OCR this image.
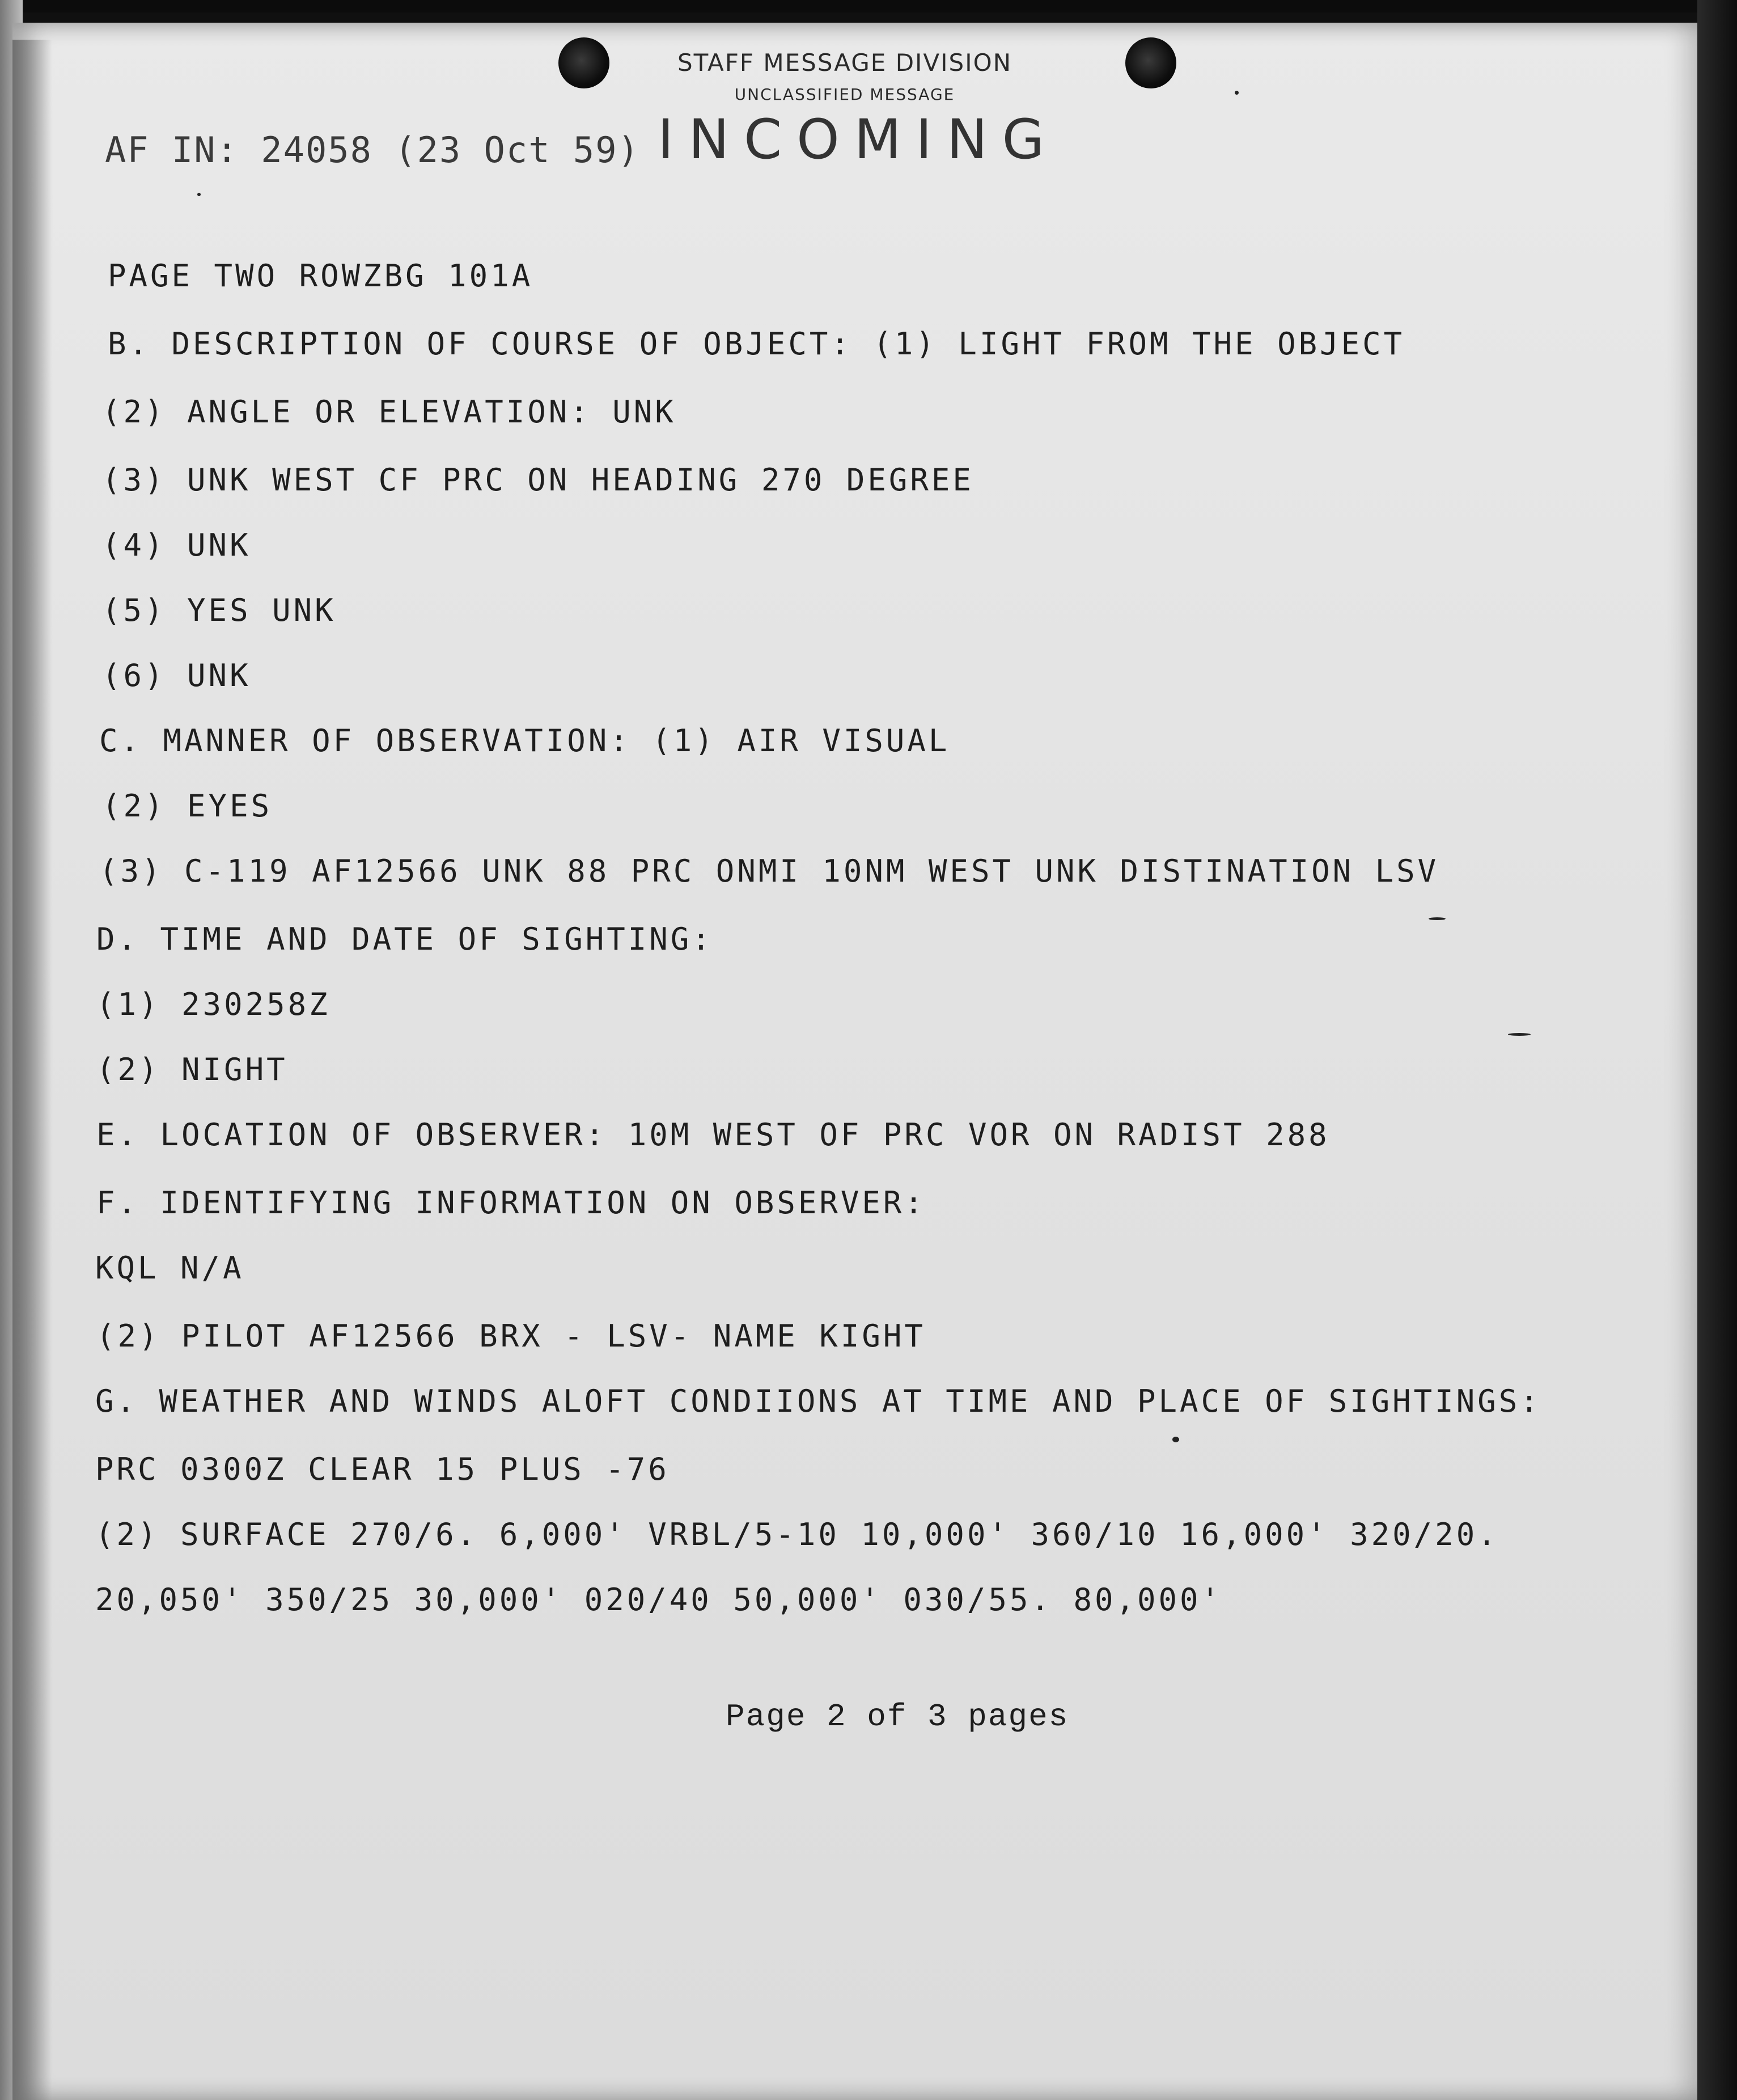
STAFF MESSAGE DIVISION
UNCLASSIFIED MESSAGE
INCOMING
AF IN: 24058 (23 Oct 59)
PAGE TWO ROWZBG 101A
B. DESCRIPTION OF COURSE OF OBJECT: (1) LIGHT FROM THE OBJECT
(2) ANGLE OR ELEVATION: UNK
(3) UNK WEST CF PRC ON HEADING 270 DEGREE
(4) UNK
(5) YES UNK
(6) UNK
C. MANNER OF OBSERVATION: (1) AIR VISUAL
(2) EYES
(3) C-119 AF12566 UNK 88 PRC ONMI 10NM WEST UNK DISTINATION LSV
D. TIME AND DATE OF SIGHTING:
(1) 230258Z
(2) NIGHT
E. LOCATION OF OBSERVER: 10M WEST OF PRC VOR ON RADIST 288
F. IDENTIFYING INFORMATION ON OBSERVER:
KQL N/A
(2) PILOT AF12566 BRX - LSV- NAME KIGHT
G. WEATHER AND WINDS ALOFT CONDIIONS AT TIME AND PLACE OF SIGHTINGS:
PRC 0300Z CLEAR 15 PLUS -76
(2) SURFACE 270/6. 6,000' VRBL/5-10 10,000' 360/10 16,000' 320/20.
20,050' 350/25 30,000' 020/40 50,000' 030/55. 80,000'
Page 2 of 3 pages
